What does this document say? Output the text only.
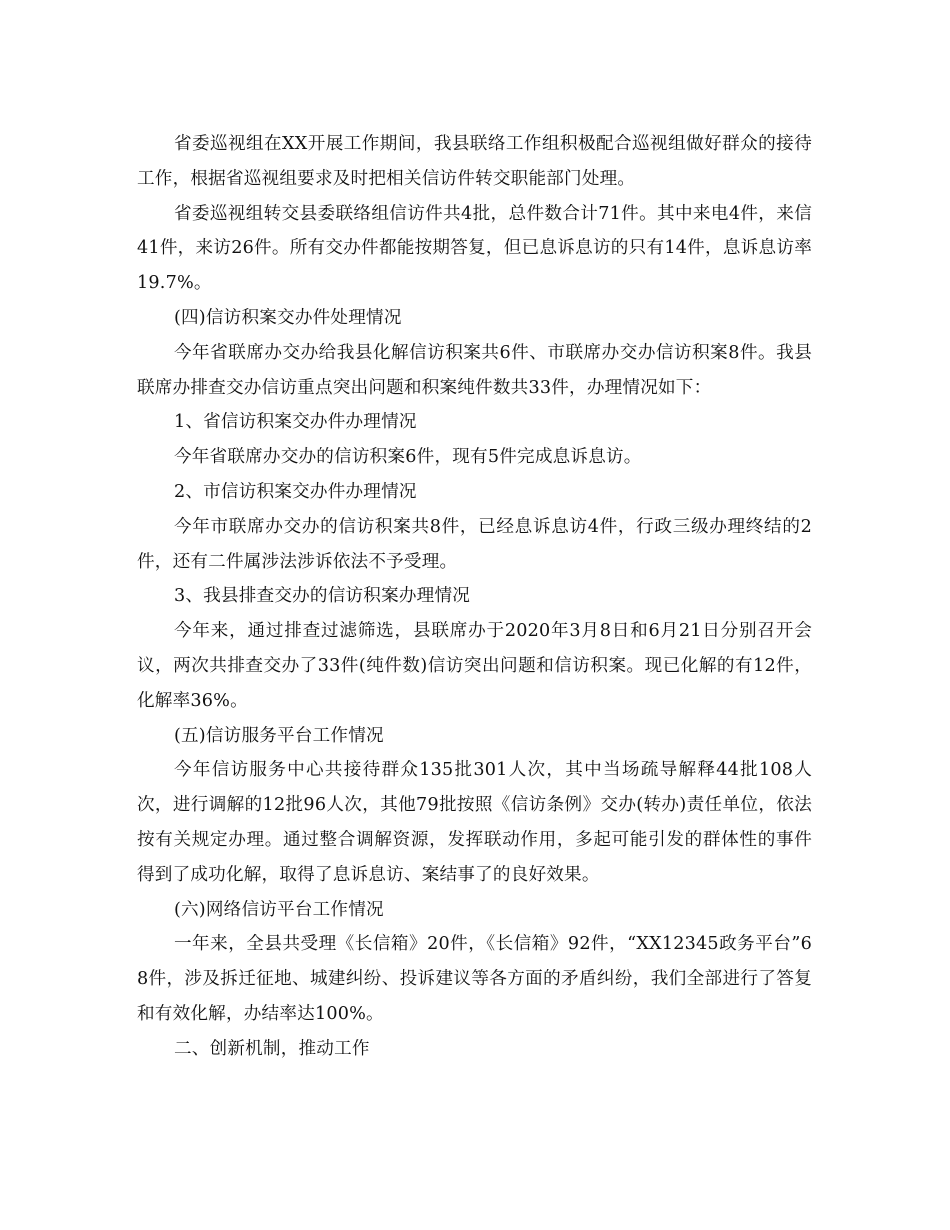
省委巡视组在XX开展工作期间，我县联络工作组积极配合巡视组做好群众的接待工作，根据省巡视组要求及时把相关信访件转交职能部门处理。

省委巡视组转交县委联络组信访件共4批，总件数合计71件。其中来电4件，来信41件，来访26件。所有交办件都能按期答复，但已息诉息访的只有14件，息诉息访率19.7%。

(四)信访积案交办件处理情况

今年省联席办交办给我县化解信访积案共6件、市联席办交办信访积案8件。我县联席办排查交办信访重点突出问题和积案纯件数共33件，办理情况如下：

1、省信访积案交办件办理情况

今年省联席办交办的信访积案6件，现有5件完成息诉息访。

2、市信访积案交办件办理情况

今年市联席办交办的信访积案共8件，已经息诉息访4件，行政三级办理终结的2件，还有二件属涉法涉诉依法不予受理。

3、我县排查交办的信访积案办理情况

今年来，通过排查过滤筛选，县联席办于2020年3月8日和6月21日分别召开会议，两次共排查交办了33件(纯件数)信访突出问题和信访积案。现已化解的有12件，化解率36%。

(五)信访服务平台工作情况

今年信访服务中心共接待群众135批301人次，其中当场疏导解释44批108人次，进行调解的12批96人次，其他79批按照《信访条例》交办(转办)责任单位，依法按有关规定办理。通过整合调解资源，发挥联动作用，多起可能引发的群体性的事件得到了成功化解，取得了息诉息访、案结事了的良好效果。

(六)网络信访平台工作情况

一年来，全县共受理《长信箱》20件，《长信箱》92件，“XX12345政务平台”68件，涉及拆迁征地、城建纠纷、投诉建议等各方面的矛盾纠纷，我们全部进行了答复和有效化解，办结率达100%。

二、创新机制，推动工作
